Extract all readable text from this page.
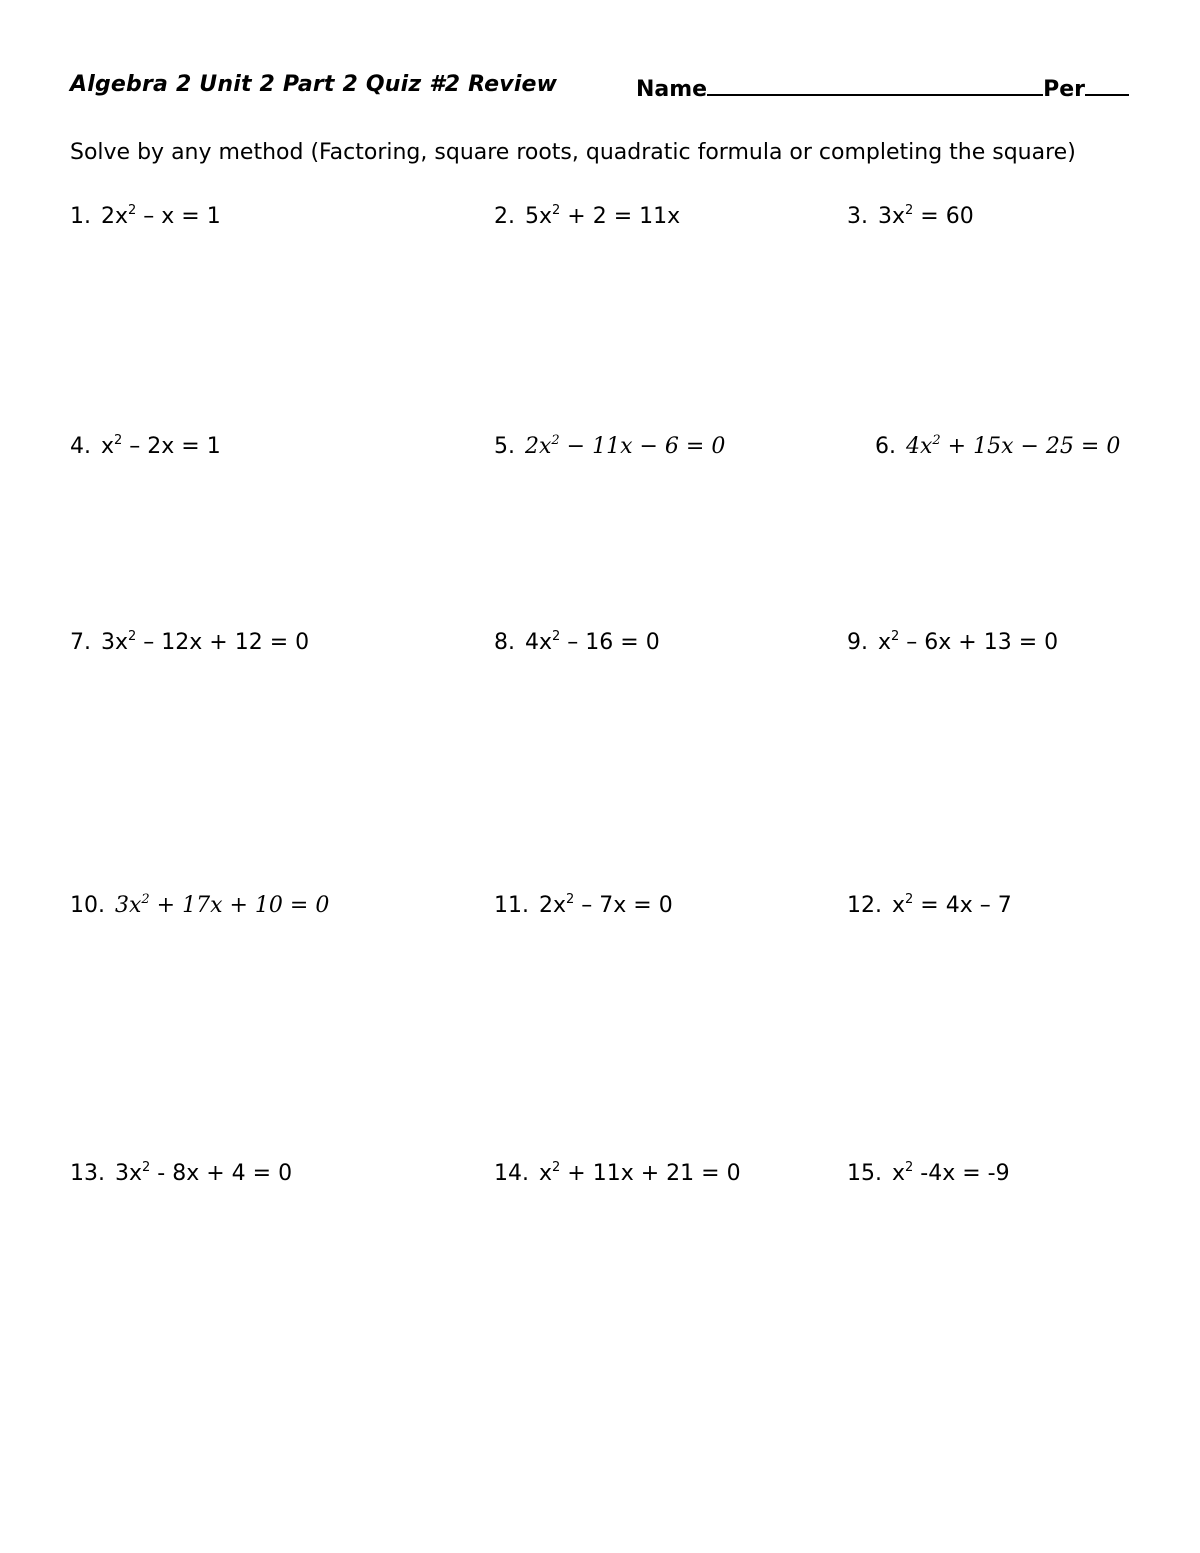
Algebra 2 Unit 2 Part 2 Quiz #2 Review	Name	Per
Solve by any method (Factoring, square roots, quadratic formula or completing the square)
1. $2x^2 - x = 1$	2. $5x^2 + 2 = 11x$	3. $3x^2 = 60$
4. $x^2 - 2x = 1$	5. $2x^2 - 11x - 6 = 0$	6. $4x^2 + 15x - 25 = 0$
7. $3x^2 - 12x + 12 = 0$	8. $4x^2 - 16 = 0$	9. $x^2 - 6x + 13 = 0$
10. $3x^2 + 17x + 10 = 0$	11. $2x^2 - 7x = 0$	12. $x^2 = 4x - 7$
13. $3x^2 - 8x + 4 = 0$	14. $x^2 + 11x + 21 = 0$	15. $x^2$ -4x = -9
